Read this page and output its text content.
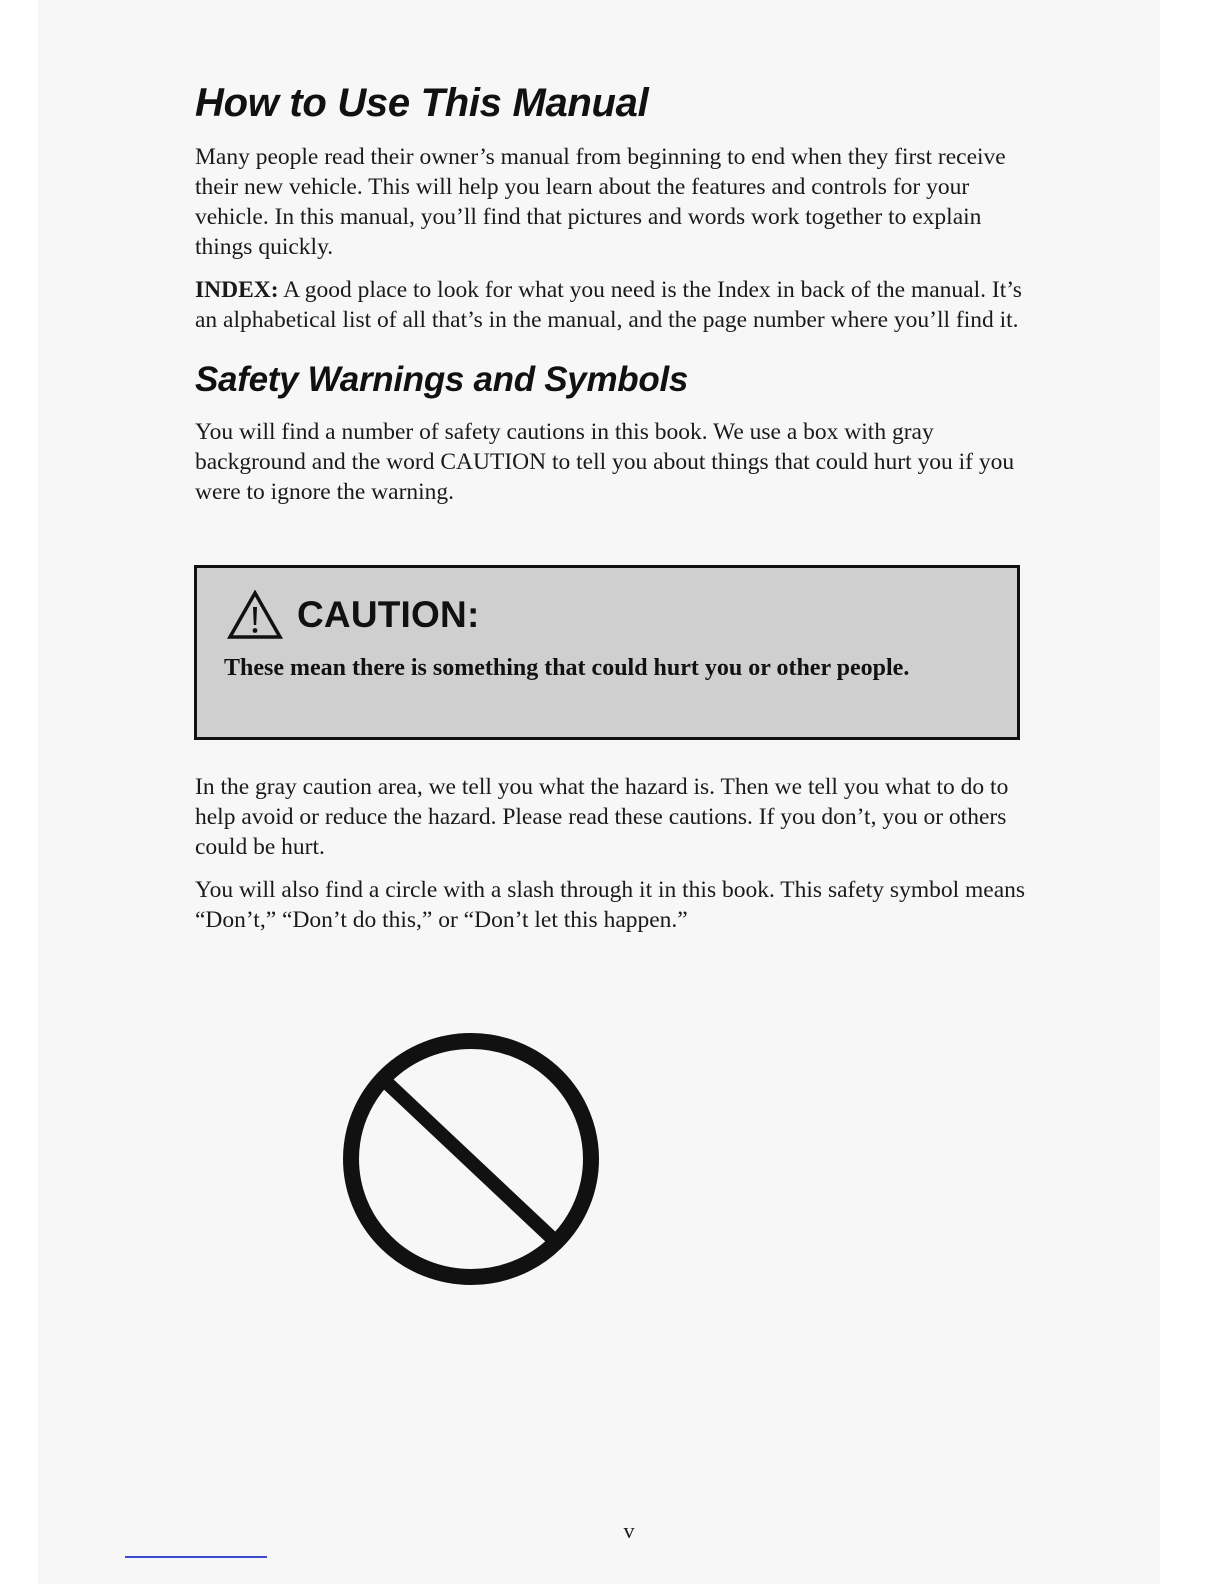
How to Use This Manual

Many people read their owner’s manual from beginning to end when they first receive their new vehicle. This will help you learn about the features and controls for your vehicle. In this manual, you’ll find that pictures and words work together to explain things quickly.

INDEX: A good place to look for what you need is the Index in back of the manual. It’s an alphabetical list of all that’s in the manual, and the page number where you’ll find it.

Safety Warnings and Symbols

You will find a number of safety cautions in this book. We use a box with gray background and the word CAUTION to tell you about things that could hurt you if you were to ignore the warning.

CAUTION:
These mean there is something that could hurt you or other people.

In the gray caution area, we tell you what the hazard is. Then we tell you what to do to help avoid or reduce the hazard. Please read these cautions. If you don’t, you or others could be hurt.

You will also find a circle with a slash through it in this book. This safety symbol means “Don’t,” “Don’t do this,” or “Don’t let this happen.”

v
